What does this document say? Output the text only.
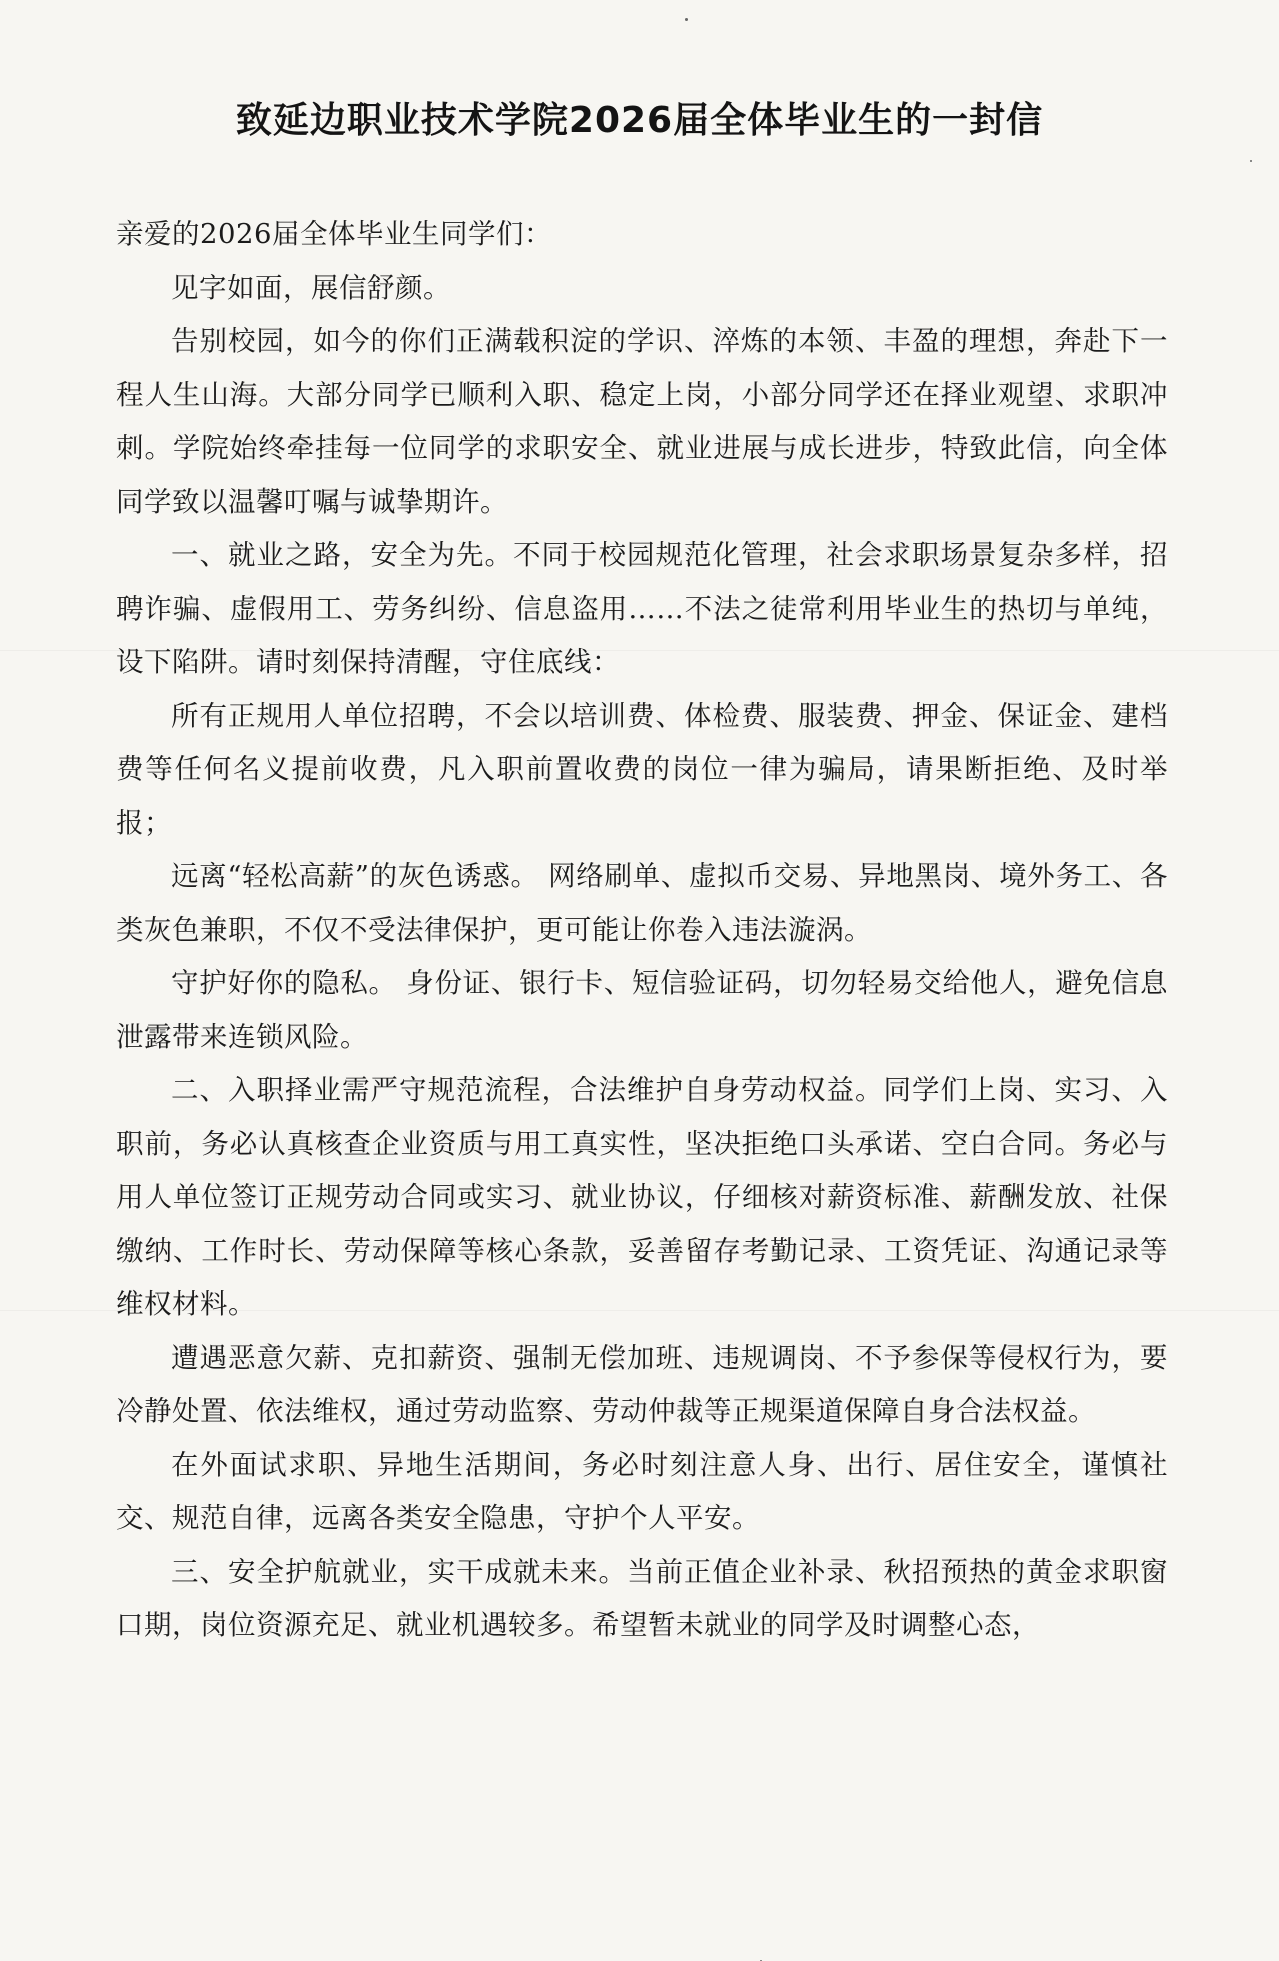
致延边职业技术学院2026届全体毕业生的一封信

亲爱的2026届全体毕业生同学们：

见字如面，展信舒颜。

告别校园，如今的你们正满载积淀的学识、淬炼的本领、丰盈的理想，奔赴下一程人生山海。大部分同学已顺利入职、稳定上岗，小部分同学还在择业观望、求职冲刺。学院始终牵挂每一位同学的求职安全、就业进展与成长进步，特致此信，向全体同学致以温馨叮嘱与诚挚期许。

一、就业之路，安全为先。不同于校园规范化管理，社会求职场景复杂多样，招聘诈骗、虚假用工、劳务纠纷、信息盗用……不法之徒常利用毕业生的热切与单纯，设下陷阱。请时刻保持清醒，守住底线：

所有正规用人单位招聘，不会以培训费、体检费、服装费、押金、保证金、建档费等任何名义提前收费，凡入职前置收费的岗位一律为骗局，请果断拒绝、及时举报；

远离“轻松高薪”的灰色诱惑。 网络刷单、虚拟币交易、异地黑岗、境外务工、各类灰色兼职，不仅不受法律保护，更可能让你卷入违法漩涡。

守护好你的隐私。 身份证、银行卡、短信验证码，切勿轻易交给他人，避免信息泄露带来连锁风险。

二、入职择业需严守规范流程，合法维护自身劳动权益。同学们上岗、实习、入职前，务必认真核查企业资质与用工真实性，坚决拒绝口头承诺、空白合同。务必与用人单位签订正规劳动合同或实习、就业协议，仔细核对薪资标准、薪酬发放、社保缴纳、工作时长、劳动保障等核心条款，妥善留存考勤记录、工资凭证、沟通记录等维权材料。

遭遇恶意欠薪、克扣薪资、强制无偿加班、违规调岗、不予参保等侵权行为，要冷静处置、依法维权，通过劳动监察、劳动仲裁等正规渠道保障自身合法权益。

在外面试求职、异地生活期间，务必时刻注意人身、出行、居住安全，谨慎社交、规范自律，远离各类安全隐患，守护个人平安。

三、安全护航就业，实干成就未来。当前正值企业补录、秋招预热的黄金求职窗口期，岗位资源充足、就业机遇较多。希望暂未就业的同学及时调整心态，
